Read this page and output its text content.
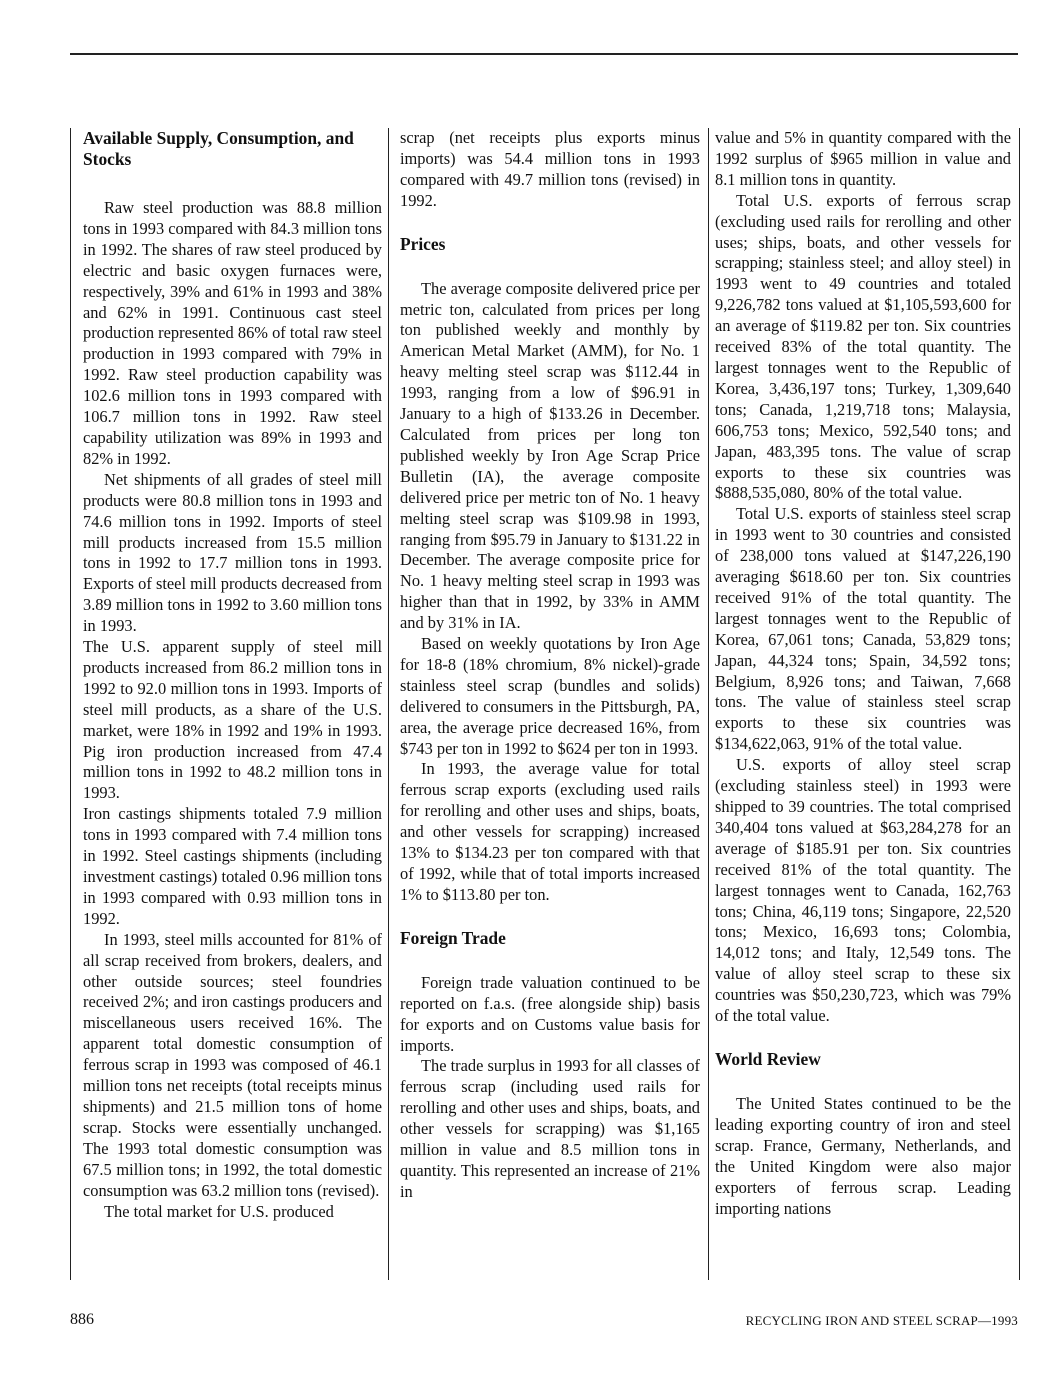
Available Supply, Consumption, and Stocks

Raw steel production was 88.8 million tons in 1993 compared with 84.3 million tons in 1992. The shares of raw steel produced by electric and basic oxygen furnaces were, respectively, 39% and 61% in 1993 and 38% and 62% in 1991. Continuous cast steel production represented 86% of total raw steel production in 1993 compared with 79% in 1992. Raw steel production capability was 102.6 million tons in 1993 compared with 106.7 million tons in 1992. Raw steel capability utilization was 89% in 1993 and 82% in 1992.

Net shipments of all grades of steel mill products were 80.8 million tons in 1993 and 74.6 million tons in 1992. Imports of steel mill products increased from 15.5 million tons in 1992 to 17.7 million tons in 1993. Exports of steel mill products decreased from 3.89 million tons in 1992 to 3.60 million tons in 1993.

The U.S. apparent supply of steel mill products increased from 86.2 million tons in 1992 to 92.0 million tons in 1993. Imports of steel mill products, as a share of the U.S. market, were 18% in 1992 and 19% in 1993. Pig iron production increased from 47.4 million tons in 1992 to 48.2 million tons in 1993.

Iron castings shipments totaled 7.9 million tons in 1993 compared with 7.4 million tons in 1992. Steel castings shipments (including investment castings) totaled 0.96 million tons in 1993 compared with 0.93 million tons in 1992.

In 1993, steel mills accounted for 81% of all scrap received from brokers, dealers, and other outside sources; steel foundries received 2%; and iron castings producers and miscellaneous users received 16%. The apparent total domestic consumption of ferrous scrap in 1993 was composed of 46.1 million tons net receipts (total receipts minus shipments) and 21.5 million tons of home scrap. Stocks were essentially unchanged. The 1993 total domestic consumption was 67.5 million tons; in 1992, the total domestic consumption was 63.2 million tons (revised).

The total market for U.S. produced

scrap (net receipts plus exports minus imports) was 54.4 million tons in 1993 compared with 49.7 million tons (revised) in 1992.

Prices

The average composite delivered price per metric ton, calculated from prices per long ton published weekly and monthly by American Metal Market (AMM), for No. 1 heavy melting steel scrap was $112.44 in 1993, ranging from a low of $96.91 in January to a high of $133.26 in December. Calculated from prices per long ton published weekly by Iron Age Scrap Price Bulletin (IA), the average composite delivered price per metric ton of No. 1 heavy melting steel scrap was $109.98 in 1993, ranging from $95.79 in January to $131.22 in December. The average composite price for No. 1 heavy melting steel scrap in 1993 was higher than that in 1992, by 33% in AMM and by 31% in IA.

Based on weekly quotations by Iron Age for 18-8 (18% chromium, 8% nickel)-grade stainless steel scrap (bundles and solids) delivered to consumers in the Pittsburgh, PA, area, the average price decreased 16%, from $743 per ton in 1992 to $624 per ton in 1993.

In 1993, the average value for total ferrous scrap exports (excluding used rails for rerolling and other uses and ships, boats, and other vessels for scrapping) increased 13% to $134.23 per ton compared with that of 1992, while that of total imports increased 1% to $113.80 per ton.

Foreign Trade

Foreign trade valuation continued to be reported on f.a.s. (free alongside ship) basis for exports and on Customs value basis for imports.

The trade surplus in 1993 for all classes of ferrous scrap (including used rails for rerolling and other uses and ships, boats, and other vessels for scrapping) was $1,165 million in value and 8.5 million tons in quantity. This represented an increase of 21% in

value and 5% in quantity compared with the 1992 surplus of $965 million in value and 8.1 million tons in quantity.

Total U.S. exports of ferrous scrap (excluding used rails for rerolling and other uses; ships, boats, and other vessels for scrapping; stainless steel; and alloy steel) in 1993 went to 49 countries and totaled 9,226,782 tons valued at $1,105,593,600 for an average of $119.82 per ton. Six countries received 83% of the total quantity. The largest tonnages went to the Republic of Korea, 3,436,197 tons; Turkey, 1,309,640 tons; Canada, 1,219,718 tons; Malaysia, 606,753 tons; Mexico, 592,540 tons; and Japan, 483,395 tons. The value of scrap exports to these six countries was $888,535,080, 80% of the total value.

Total U.S. exports of stainless steel scrap in 1993 went to 30 countries and consisted of 238,000 tons valued at $147,226,190 averaging $618.60 per ton. Six countries received 91% of the total quantity. The largest tonnages went to the Republic of Korea, 67,061 tons; Canada, 53,829 tons; Japan, 44,324 tons; Spain, 34,592 tons; Belgium, 8,926 tons; and Taiwan, 7,668 tons. The value of stainless steel scrap exports to these six countries was $134,622,063, 91% of the total value.

U.S. exports of alloy steel scrap (excluding stainless steel) in 1993 were shipped to 39 countries. The total comprised 340,404 tons valued at $63,284,278 for an average of $185.91 per ton. Six countries received 81% of the total quantity. The largest tonnages went to Canada, 162,763 tons; China, 46,119 tons; Singapore, 22,520 tons; Mexico, 16,693 tons; Colombia, 14,012 tons; and Italy, 12,549 tons. The value of alloy steel scrap to these six countries was $50,230,723, which was 79% of the total value.

World Review

The United States continued to be the leading exporting country of iron and steel scrap. France, Germany, Netherlands, and the United Kingdom were also major exporters of ferrous scrap. Leading importing nations

886	RECYCLING IRON AND STEEL SCRAP—1993
